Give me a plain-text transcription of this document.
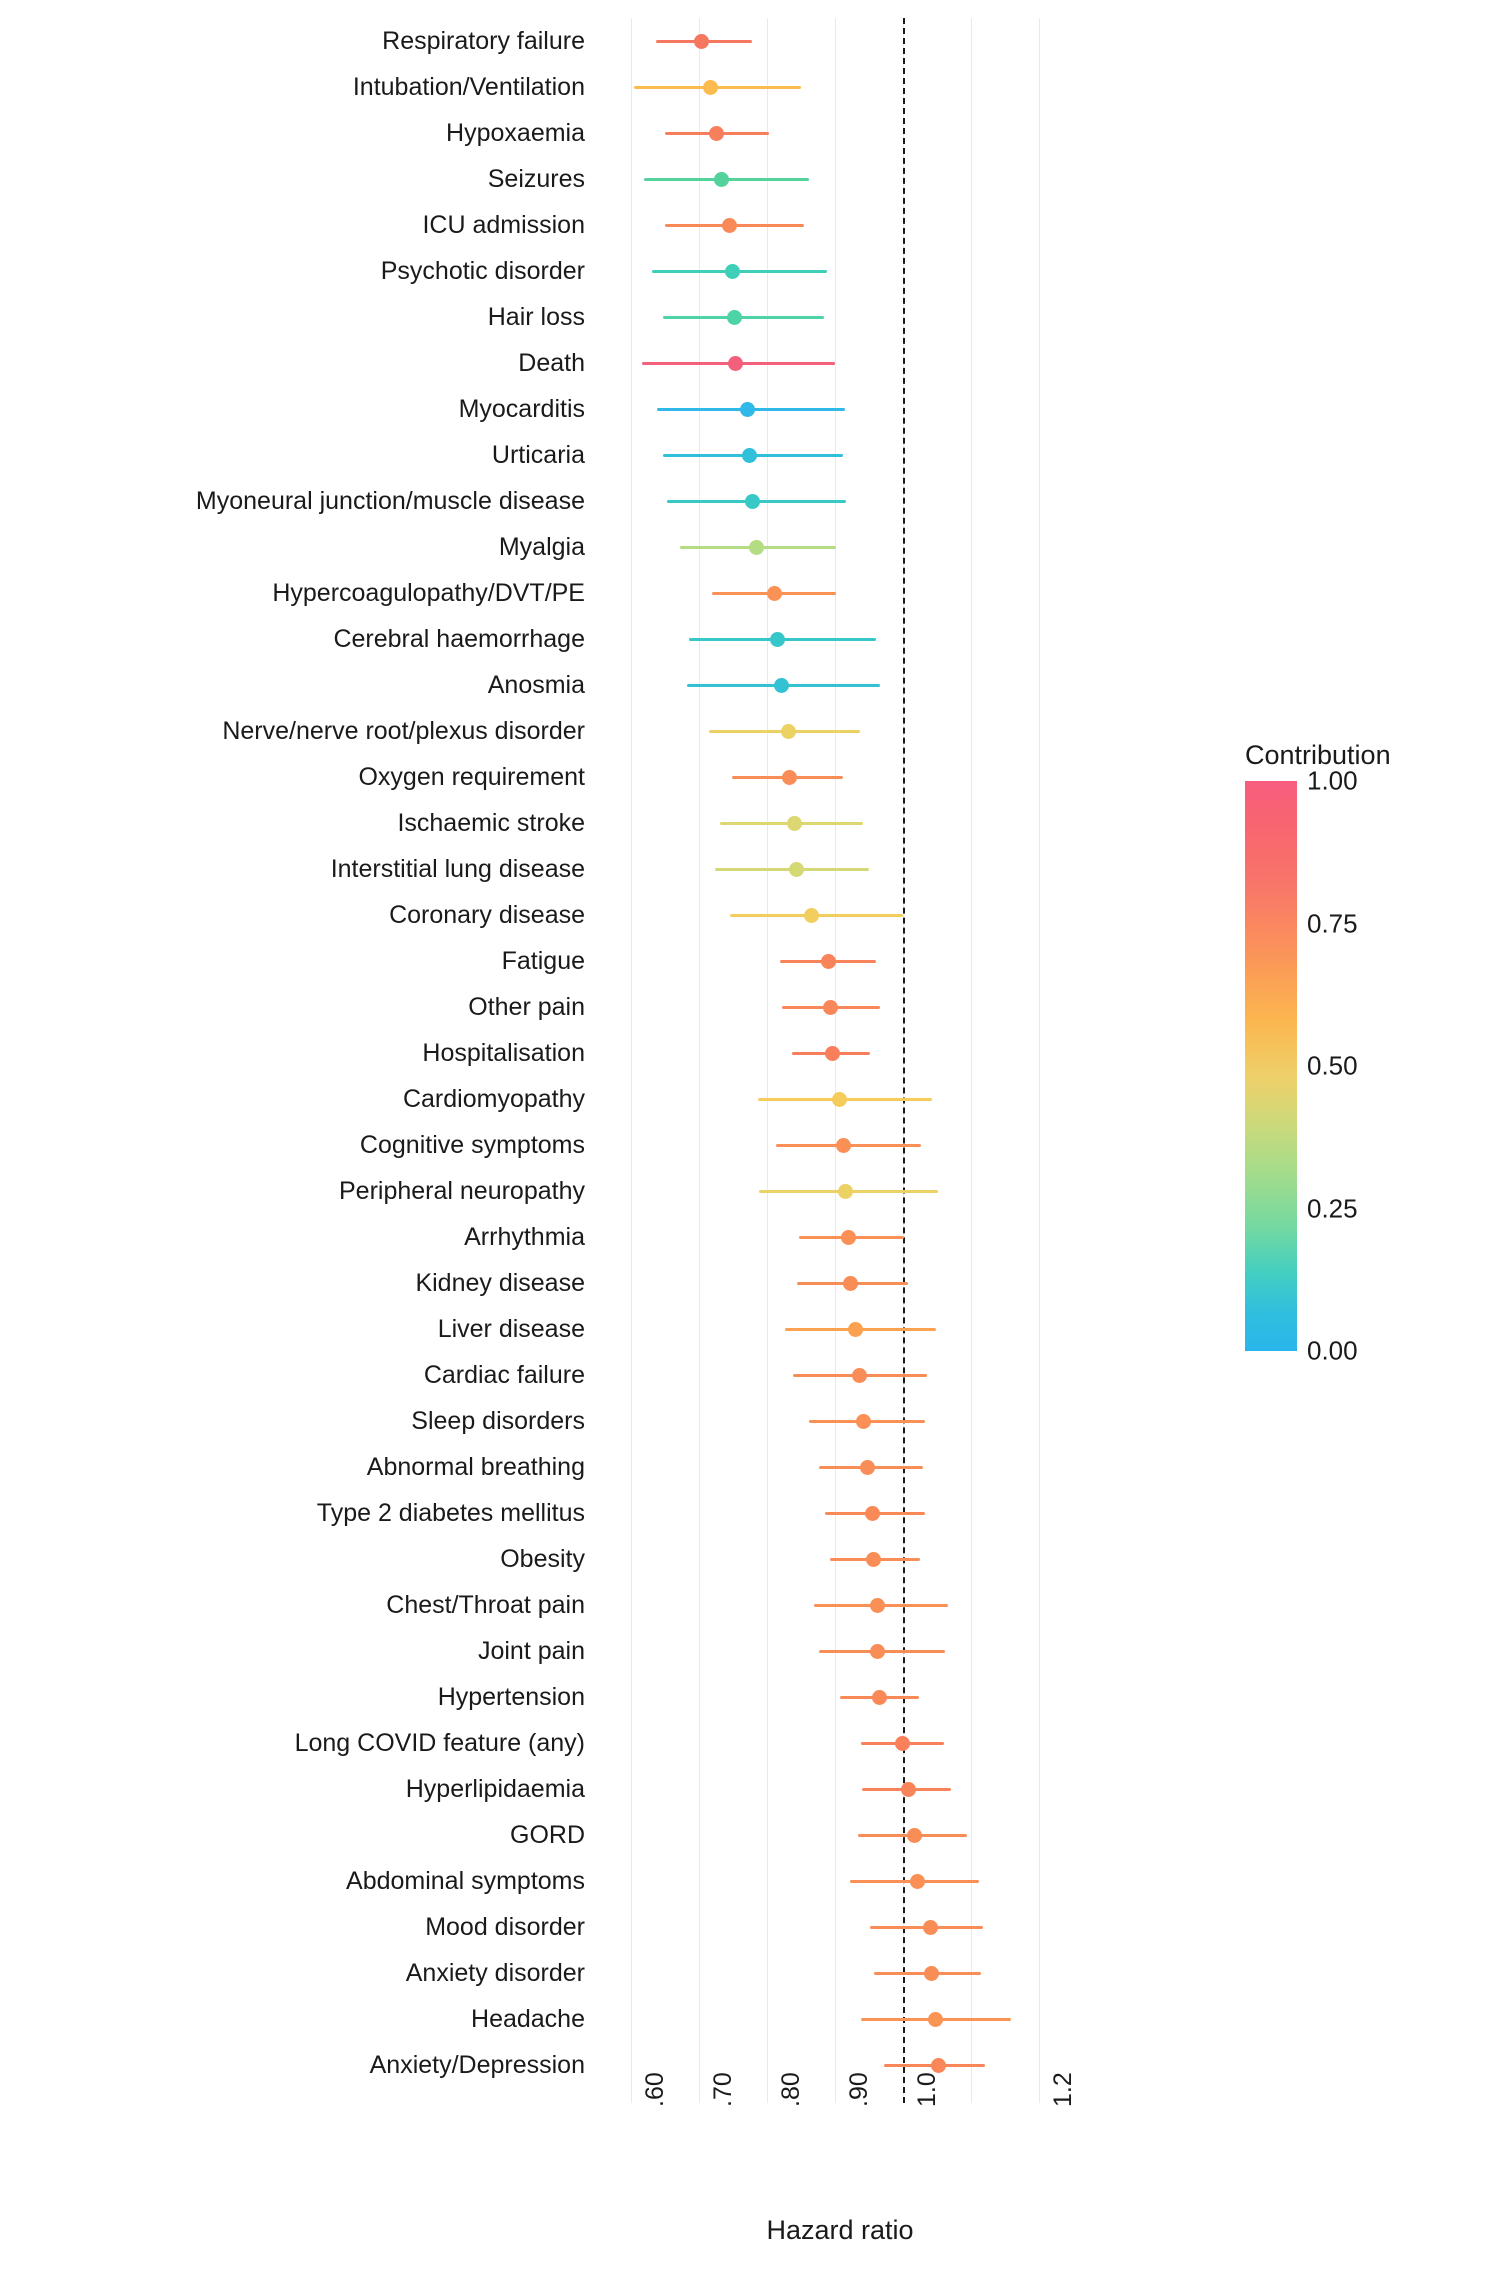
Respiratory failure
Intubation/Ventilation
Hypoxaemia
Seizures
ICU admission
Psychotic disorder
Hair loss
Death
Myocarditis
Urticaria
Myoneural junction/muscle disease
Myalgia
Hypercoagulopathy/DVT/PE
Cerebral haemorrhage
Anosmia
Nerve/nerve root/plexus disorder
Oxygen requirement
Ischaemic stroke
Interstitial lung disease
Coronary disease
Fatigue
Other pain
Hospitalisation
Cardiomyopathy
Cognitive symptoms
Peripheral neuropathy
Arrhythmia
Kidney disease
Liver disease
Cardiac failure
Sleep disorders
Abnormal breathing
Type 2 diabetes mellitus
Obesity
Chest/Throat pain
Joint pain
Hypertension
Long COVID feature (any)
Hyperlipidaemia
GORD
Abdominal symptoms
Mood disorder
Anxiety disorder
Headache
Anxiety/Depression
.60 .70 .80 .90 1.0	1.2
Hazard ratio
Contribution
1.00
0.75
0.50
0.25
0.00
